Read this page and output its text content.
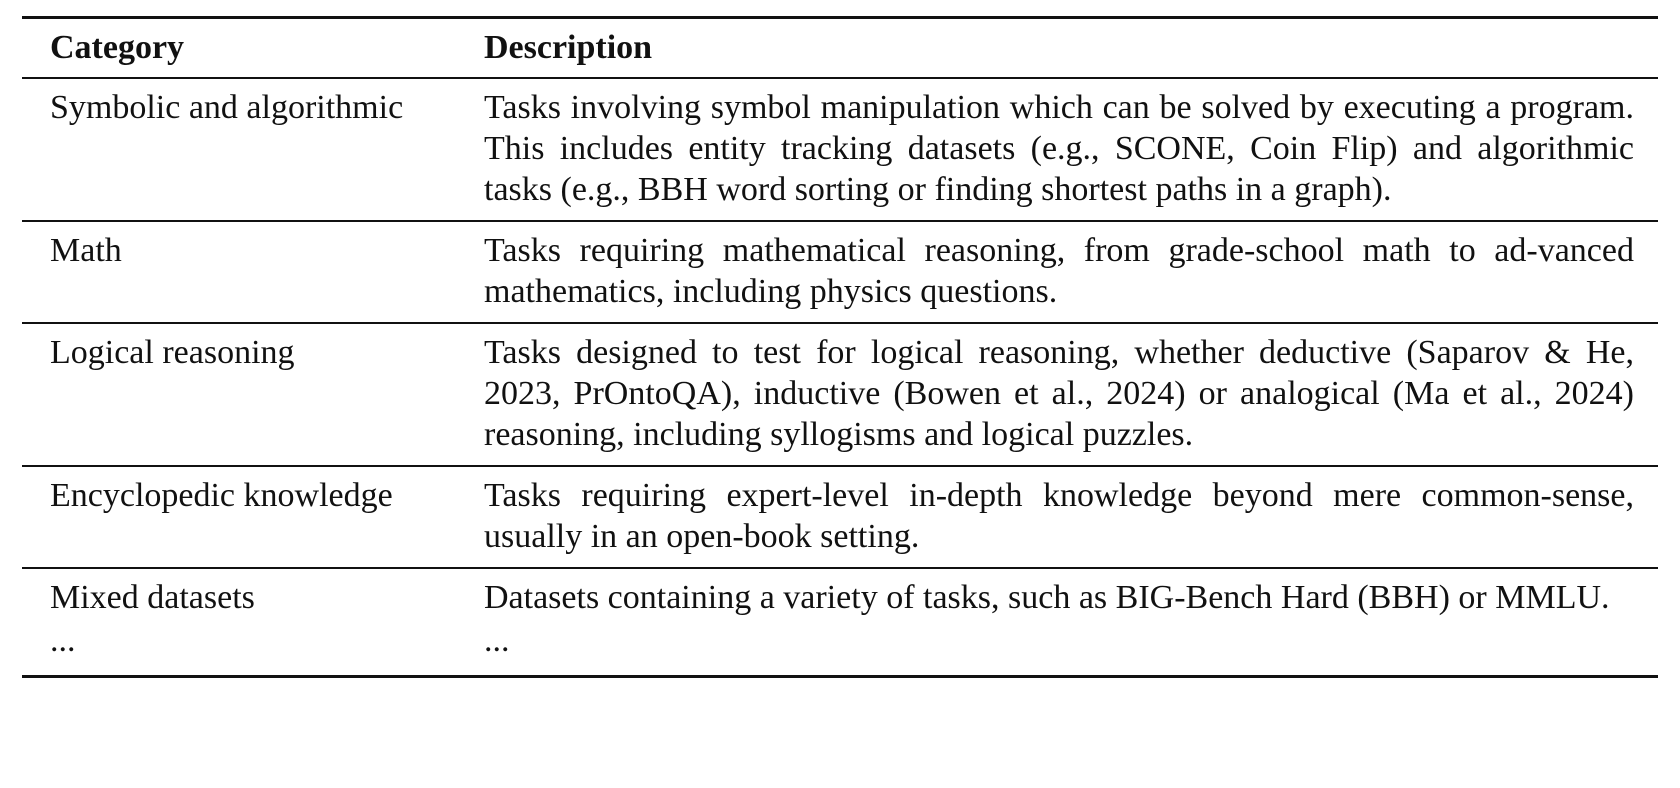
Category	Description
Symbolic and algorithmic	Tasks involving symbol manipulation which can be solved by executing a program. This includes entity tracking datasets (e.g., SCONE, Coin Flip) and algorithmic tasks (e.g., BBH word sorting or finding shortest paths in a graph).
Math	Tasks requiring mathematical reasoning, from grade-school math to ad-vanced mathematics, including physics questions.
Logical reasoning	Tasks designed to test for logical reasoning, whether deductive (Saparov & He, 2023, PrOntoQA), inductive (Bowen et al., 2024) or analogical (Ma et al., 2024) reasoning, including syllogisms and logical puzzles.
Encyclopedic knowledge	Tasks requiring expert-level in-depth knowledge beyond mere common-sense, usually in an open-book setting.
Mixed datasets	Datasets containing a variety of tasks, such as BIG-Bench Hard (BBH) or MMLU.
...	...
